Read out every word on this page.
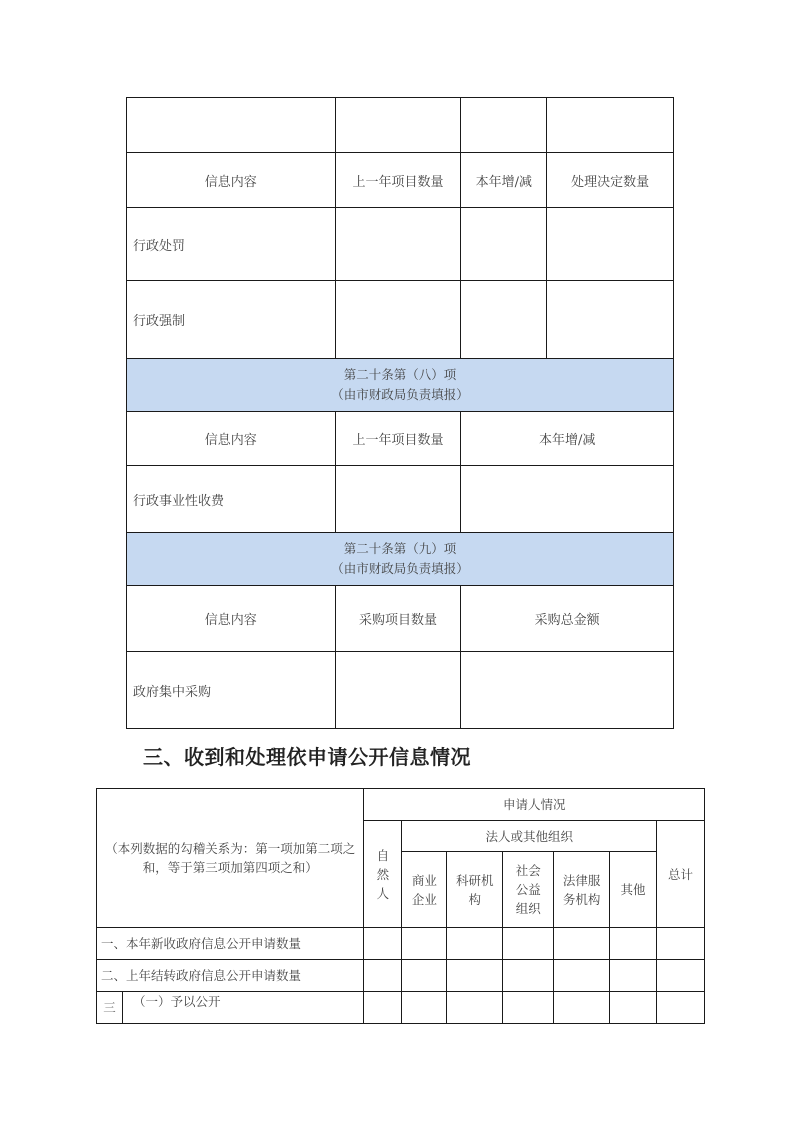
信息内容	上一年项目数量	本年增/减	处理决定数量
行政处罚			
行政强制			

第二十条第（八）项
（由市财政局负责填报）			

信息内容	上一年项目数量	本年增/减	
行政事业性收费			

第二十条第（九）项
（由市财政局负责填报）			

信息内容	采购项目数量	采购总金额	
政府集中采购			
三、收到和处理依申请公开信息情况
（本列数据的勾稽关系为：第一项加第二项之和，等于第三项加第四项之和）		申请人情况						
		自然人	法人或其他组织					总计
			商业企业	科研机构	社会公益组织	法律服务机构	其他	
一、本年新收政府信息公开申请数量								
二、上年结转政府信息公开申请数量								
三	（一）予以公开							
